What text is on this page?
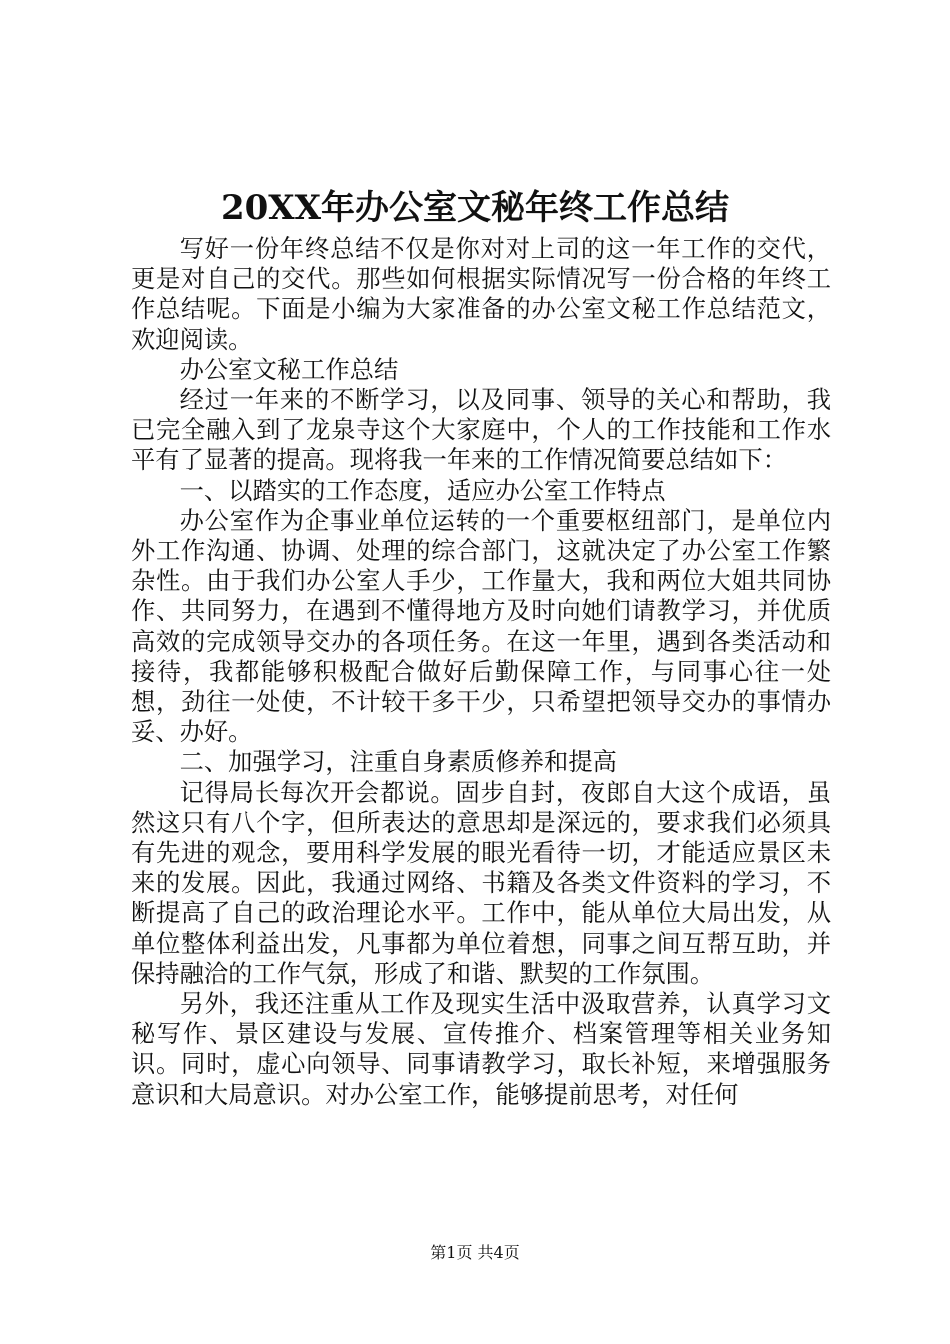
20XX年办公室文秘年终工作总结

写好一份年终总结不仅是你对对上司的这一年工作的交代，更是对自己的交代。那些如何根据实际情况写一份合格的年终工作总结呢。下面是小编为大家准备的办公室文秘工作总结范文，欢迎阅读。

办公室文秘工作总结

经过一年来的不断学习，以及同事、领导的关心和帮助，我已完全融入到了龙泉寺这个大家庭中，个人的工作技能和工作水平有了显著的提高。现将我一年来的工作情况简要总结如下：

一、以踏实的工作态度，适应办公室工作特点

办公室作为企事业单位运转的一个重要枢纽部门，是单位内外工作沟通、协调、处理的综合部门，这就决定了办公室工作繁杂性。由于我们办公室人手少，工作量大，我和两位大姐共同协作、共同努力，在遇到不懂得地方及时向她们请教学习，并优质高效的完成领导交办的各项任务。在这一年里，遇到各类活动和接待，我都能够积极配合做好后勤保障工作，与同事心往一处想，劲往一处使，不计较干多干少，只希望把领导交办的事情办妥、办好。

二、加强学习，注重自身素质修养和提高

记得局长每次开会都说。固步自封，夜郎自大这个成语，虽然这只有八个字，但所表达的意思却是深远的，要求我们必须具有先进的观念，要用科学发展的眼光看待一切，才能适应景区未来的发展。因此，我通过网络、书籍及各类文件资料的学习，不断提高了自己的政治理论水平。工作中，能从单位大局出发，从单位整体利益出发，凡事都为单位着想，同事之间互帮互助，并保持融洽的工作气氛，形成了和谐、默契的工作氛围。

另外，我还注重从工作及现实生活中汲取营养，认真学习文秘写作、景区建设与发展、宣传推介、档案管理等相关业务知识。同时，虚心向领导、同事请教学习，取长补短，来增强服务意识和大局意识。对办公室工作，能够提前思考，对任何

第1页 共4页
